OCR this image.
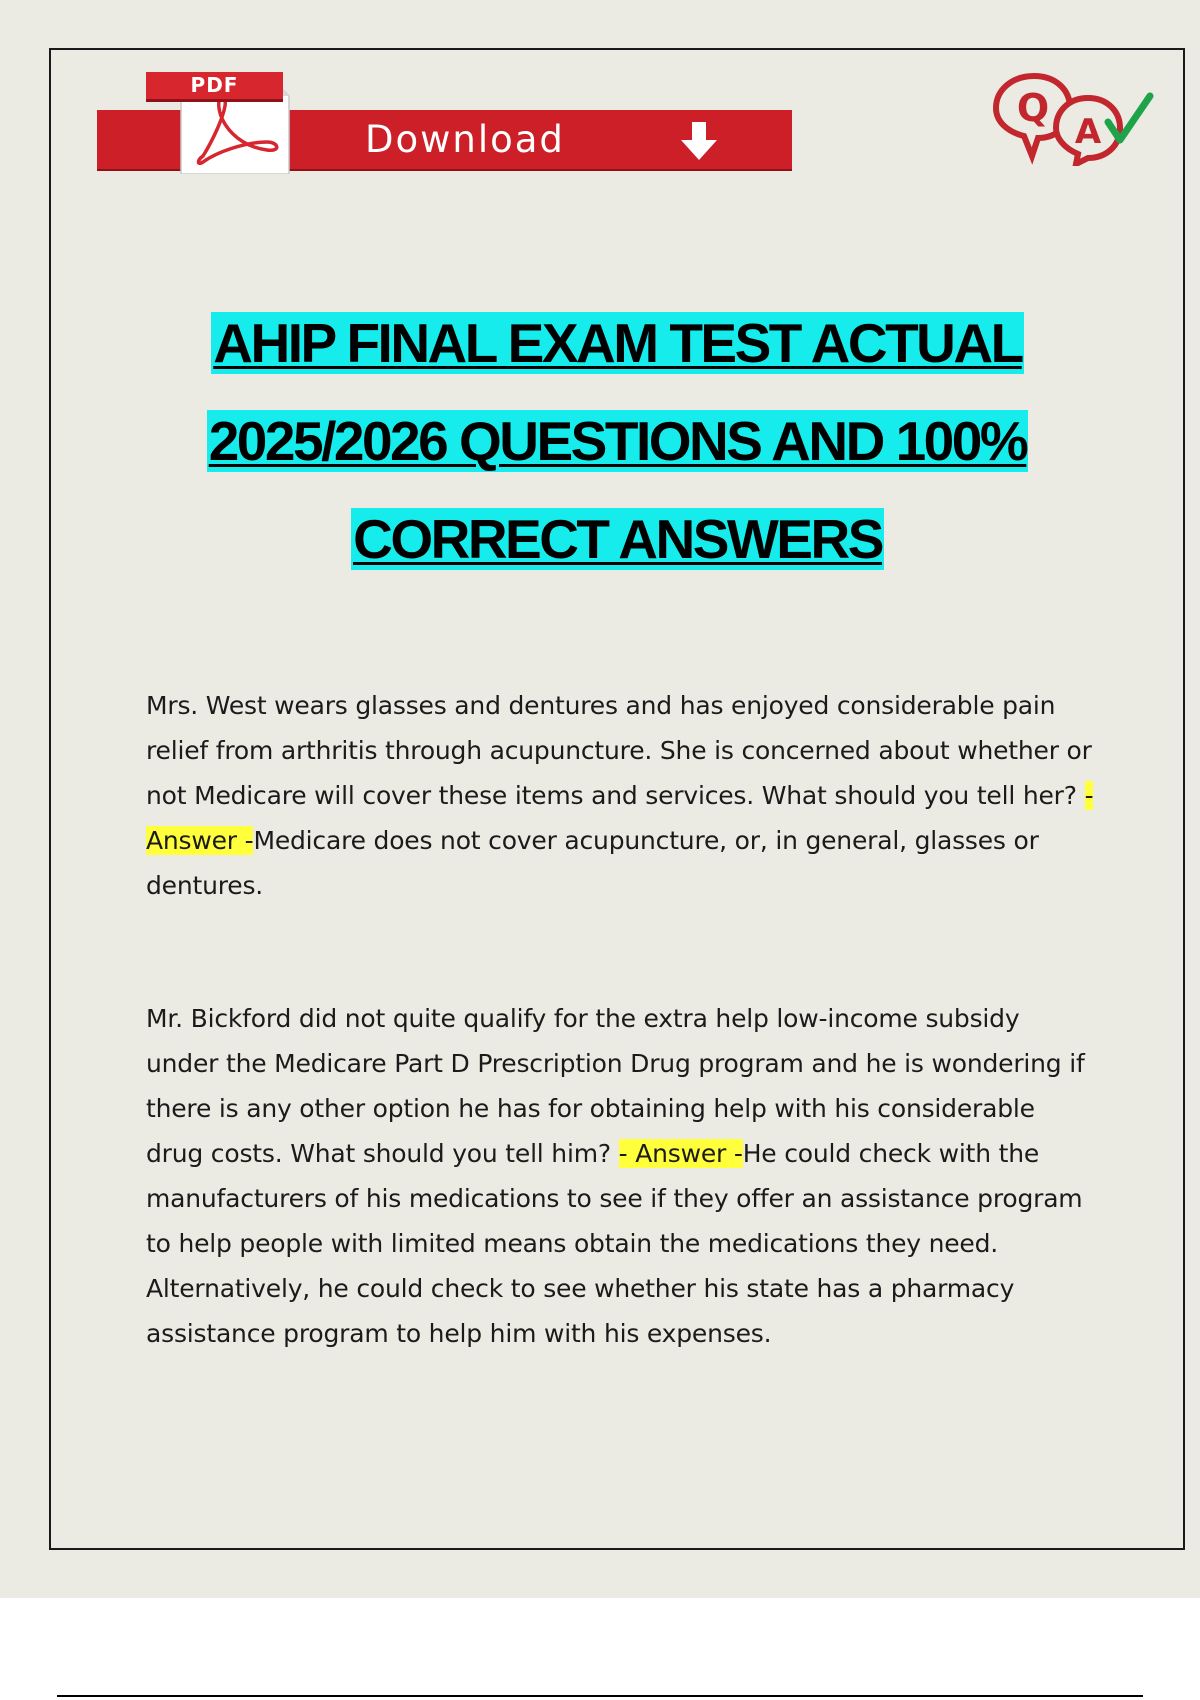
Download
PDF
Q
A
AHIP FINAL EXAM TEST ACTUAL
2025/2026 QUESTIONS AND 100%
CORRECT ANSWERS
Mrs. West wears glasses and dentures and has enjoyed considerable pain relief from arthritis through acupuncture. She is concerned about whether or not Medicare will cover these items and services. What should you tell her? - Answer -Medicare does not cover acupuncture, or, in general, glasses or dentures.
Mr. Bickford did not quite qualify for the extra help low-income subsidy under the Medicare Part D Prescription Drug program and he is wondering if there is any other option he has for obtaining help with his considerable drug costs. What should you tell him? - Answer -He could check with the manufacturers of his medications to see if they offer an assistance program to help people with limited means obtain the medications they need. Alternatively, he could check to see whether his state has a pharmacy assistance program to help him with his expenses.
